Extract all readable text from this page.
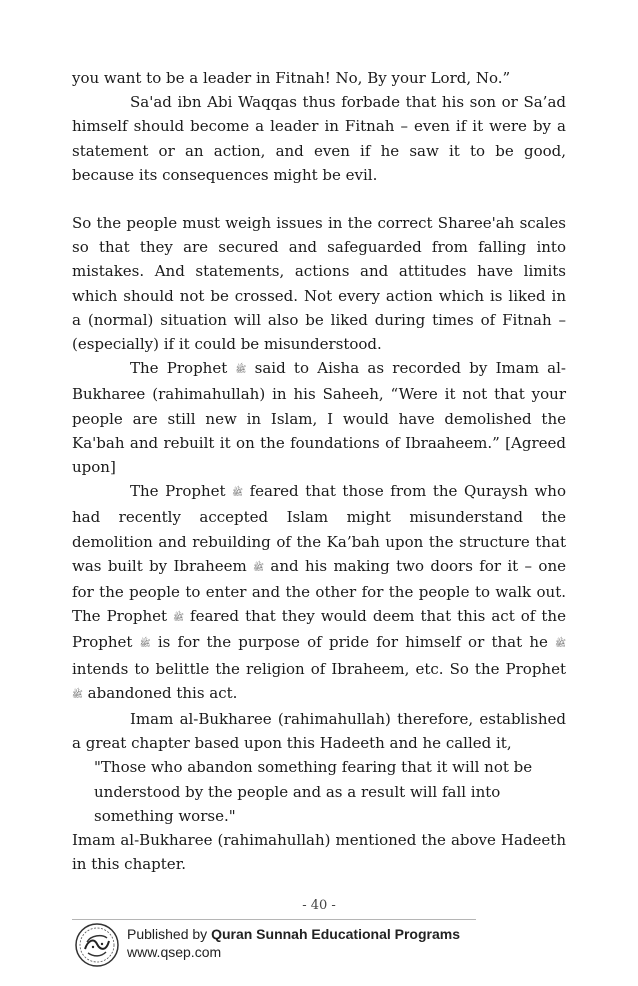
you want to be a leader in Fitnah! No, By your Lord, No.”

Sa'ad ibn Abi Waqqas thus forbade that his son or Sa’ad himself should become a leader in Fitnah – even if it were by a statement or an action, and even if he saw it to be good, because its consequences might be evil.

So the people must weigh issues in the correct Sharee'ah scales so that they are secured and safeguarded from falling into mistakes. And statements, actions and attitudes have limits which should not be crossed. Not every action which is liked in a (normal) situation will also be liked during times of Fitnah – (especially) if it could be misunderstood.

The Prophet ﷺ said to Aisha as recorded by Imam al-Bukharee (rahimahullah) in his Saheeh, “Were it not that your people are still new in Islam, I would have demolished the Ka'bah and rebuilt it on the foundations of Ibraaheem.” [Agreed upon]

The Prophet ﷺ feared that those from the Quraysh who had recently accepted Islam might misunderstand the demolition and rebuilding of the Ka’bah upon the structure that was built by Ibraheem ﷺ and his making two doors for it – one for the people to enter and the other for the people to walk out. The Prophet ﷺ feared that they would deem that this act of the Prophet ﷺ is for the purpose of pride for himself or that he ﷺ intends to belittle the religion of Ibraheem, etc. So the Prophet ﷺ abandoned this act.

Imam al-Bukharee (rahimahullah) therefore, established a great chapter based upon this Hadeeth and he called it,

"Those who abandon something fearing that it will not be understood by the people and as a result will fall into something worse."

Imam al-Bukharee (rahimahullah) mentioned the above Hadeeth in this chapter.

- 40 -
Published by Quran Sunnah Educational Programs
www.qsep.com
